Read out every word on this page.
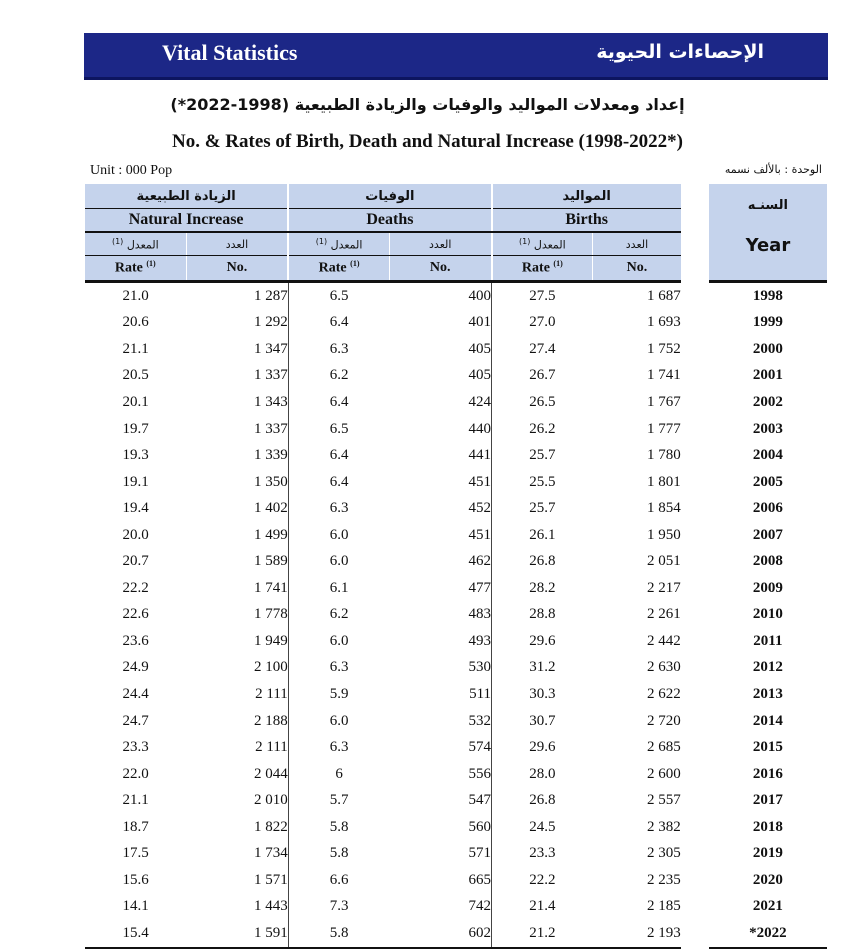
Vital Statistics	الإحصاءات الحيوية
إعداد ومعدلات المواليد والوفيات والزيادة الطبيعية (1998-2022*)
No. & Rates of Birth, Death and Natural Increase (1998-2022*)
Unit : 000 Pop	الوحدة : بالألف نسمه
الزيادة الطبيعية		الوفيات		المواليد		السنـه
Year

Natural Increase		Deaths		Births		
$^{(1)}$ المعدل	العدد	$^{(1)}$ المعدل	العدد	$^{(1)}$ المعدل	العدد	
Rate $^{(1)}$	No.	Rate $^{(1)}$	No.	Rate $^{(1)}$	No.	
21.0	1 287	6.5	400	27.5	1 687	1998
20.6	1 292	6.4	401	27.0	1 693	1999
21.1	1 347	6.3	405	27.4	1 752	2000
20.5	1 337	6.2	405	26.7	1 741	2001
20.1	1 343	6.4	424	26.5	1 767	2002
19.7	1 337	6.5	440	26.2	1 777	2003
19.3	1 339	6.4	441	25.7	1 780	2004
19.1	1 350	6.4	451	25.5	1 801	2005
19.4	1 402	6.3	452	25.7	1 854	2006
20.0	1 499	6.0	451	26.1	1 950	2007
20.7	1 589	6.0	462	26.8	2 051	2008
22.2	1 741	6.1	477	28.2	2 217	2009
22.6	1 778	6.2	483	28.8	2 261	2010
23.6	1 949	6.0	493	29.6	2 442	2011
24.9	2 100	6.3	530	31.2	2 630	2012
24.4	2 111	5.9	511	30.3	2 622	2013
24.7	2 188	6.0	532	30.7	2 720	2014
23.3	2 111	6.3	574	29.6	2 685	2015
22.0	2 044	6	556	28.0	2 600	2016
21.1	2 010	5.7	547	26.8	2 557	2017
18.7	1 822	5.8	560	24.5	2 382	2018
17.5	1 734	5.8	571	23.3	2 305	2019
15.6	1 571	6.6	665	22.2	2 235	2020
14.1	1 443	7.3	742	21.4	2 185	2021
15.4	1 591	5.8	602	21.2	2 193	*2022
